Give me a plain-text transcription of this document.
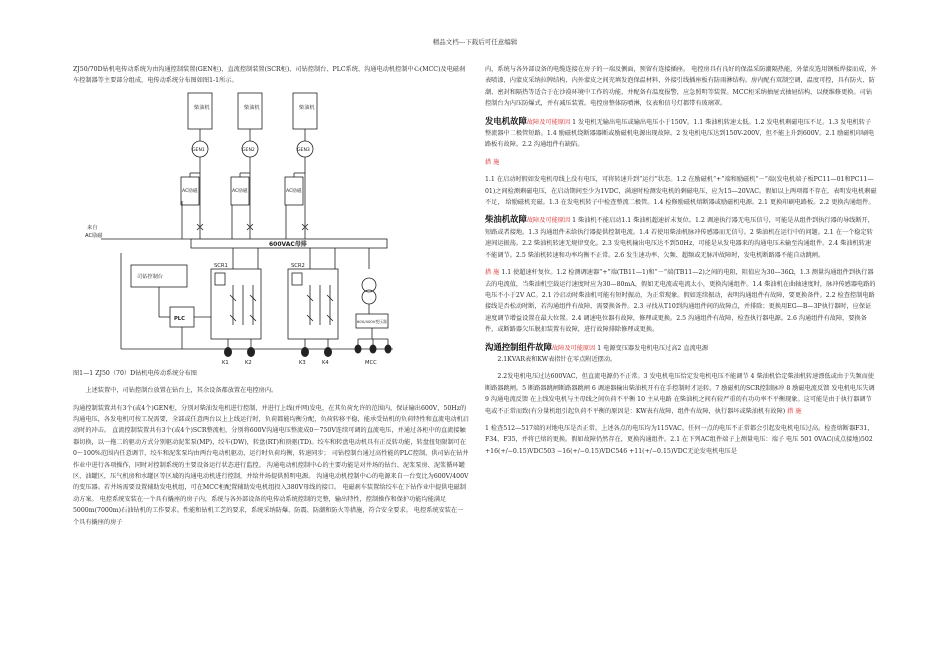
精品文档---下载后可任意编辑

ZJ50/70D钻机电传动系统为由沟通控制装置(GEN柜)、直流控制装置(SCR柜)、司钻控制台、PLC系统、沟通电动机控制中心(MCC)及电磁刹车控制器等主要部分组成，电传动系统分布图如图1-1所示。

柴油机	柴油机	柴油机
GEN1	GEN2	GEN3
AC励磁	AC励磁	AC励磁
600VAC母排
SCR1	SCR2
来自
AC励磁
司钻控制台
PLC
K1	K2	K3	K4
600/400V变压器
MCC

图1—1 ZJ50（70）D钻机电传动系统分布图

上述装置中，司钻控制台放置在钻台上，其余设备都放置在电控房内。

沟通控制装置共有3个(或4个)GEN柜，分别对柴油发电机进行控制，并进行上线(并网)发电，在其负荷允许的范围内，保证输出600V，50Hz的沟通电压，各发电机可按工况需要，全部或任意两台以上上线运行时，负荷都能均衡分配，负荷转移平稳，能承受钻机的负荷特性和直流电动机启动时的冲击。 直流控制装置共有3个(或4个)SCR整流柜，分别将600V沟通电压整流成0～750V连续可调的直流电压，并通过各柜中的直流接触器切换，以一拖二的驱动方式分别驱动泥浆泵(MP)，绞车(DW)，转盘(RT)和顶驱(TD)。绞车和转盘电动机具有正反转功能，转盘扭矩限制可在0～100%范围内任意调节，绞车和泥浆泵均由两台电动机驱动，运行时负荷均衡，转速同步； 司钻控制台通过高性能的PLC控制，供司钻在钻井作业中进行各项操作，同时对控制系统的主要设备运行状态进行监控。 沟通电动机控制中心的主要功能是对井场的钻台、泥浆泵房、泥浆循环罐区，油罐区，压气机房和水罐区等区域的沟通电动机进行控制，并给井场提供照明电源。 沟通电动机控制中心的电源来自一台变比为600V/400V的变压器。若井场需要设置辅助发电机组，可在MCC柜配置辅助发电机组投入380V母线的接口。 电磁刹车装置给绞车在下钻作业中提供电磁制动方案。 电控系统安装在一个具有撬座的房子内，系统与各外部设备的电传动系统控制的完整，输出特性，控制操作和保护功能均能满足5000m(7000m)石油钻机的工作要求。性能和钻机工艺的要求，系统采纳防爆、防震、防潮和防火等措施，符合安全要求。 电控系统安装在一个具有撬座的房子

内，系统与各外部设备的电缆连接在房子的一端及侧面，预留有连接插座。 电控房具有良好的保温采防潮隔热能，外蒙皮选用钢板焊接而成，外表喷漆，内蒙皮采纳拉牌结构，内外蒙皮之间充填发泡保温材料，外接引线插座板有防雨淋结构。房内配有双制空调，温度可控，具有防火、防潮、密封和隔热等适合于在沙漠环境中工作的功能，并配备有温度报警，应急照明等装置。MCC柜采纳抽屉式抽屉结构，以便维修更换。司钻控制台为内压防爆式，并有减压装置。电控房整体防噴淋，仪表和信号灯都带有玻璃罩。

发电机故障故障及可能原因 1 发电机无输出电压或输出电压小于150V。1.1 柴油机转速太低。1.2 发电机剩磁电压不足。1.3 发电机转子整流器中二极管短路。1.4 励磁机绕断器器断或励磁机电源出现故障。2 发电机电压达到150V-200V，但不能上升到600V。2.1 励磁机印刷电路板有故障。2.2 沟通组件有缺陷。

措 施

1.1 在启动时假如发电机母线上没有电压，可将转速升到“运行”状态。1.2 在励磁机“+”端和励磁机“－”端(发电机端子板PC11—01和PC11—01)之间检测剩磁电压，在启动期间至少为1VDC，满速时检测发电机的剩磁电压，应为15—20VAC。假如以上两项都不存在，表明发电机剩磁不足， 给励磁机充磁。1.3 在发电机转子中检查整流二极管。1.4 检修励磁机熔断器或励磁机电源。2.1 更换印刷电路板。2.2 更换沟通组件。

柴油机故障故障及可能原因 1 柴油机不能启动1.1 柴油机超速折未复位。1.2 调速执行器无电压信号，可能是从组件到执行器的导线断开，短路或者接地。1.3 沟通组件未给执行器提供控制电流。1.4 若使用柴油机脉冲传感器而无信号。2 柴油机在运行中的问题。2.1 在一个稳定转速间运振荡。2.2 柴油机转速无规律变化。2.3 发电机输出电压达不到50Hz，可能是从发电器来的沟通电压未输至沟通组件。2.4 柴油机转速不能调节。2.5 柴油机转速和功率均衡不正常。2.6 发生速功率、欠频、超频或无脉冲故障时，发电机断路器不能自动跳闸。

措 施 1.1 使超速杆复位。1.2 检测调速器“+”端(TB11—1)和“－”端(TB11—2)之间的电阻，阻值应为30—36Ω，1.3 测量沟通组件到执行器去的电流值，当柴油机空载运行速度时应为30—80mA，假如无电流或电流太小，更换沟通组件。1.4 柴油机在曲轴速度时，脉冲传感器电路的电压不小于2V AC。2.1 冷启动时柴油机可能有短时振动，为正常现象。假如连续振动，表明沟通组件有故障，要更换备件。2.2 检查控制电路接线是否松动时断，若沟通组件有故障，需要换备件。2.3 寻找从T10到沟通组件间的故障点，并排除；更换用EG—B—3P执行器时，应保证速度调节增益设置在最大位置。2.4 调速电位器有故障，修理或更换。2.5 沟通组件有故障，检查执行器电源。2.6 沟通组件有故障，要换备件，或断路器欠压脱扣装置有故障，进行故障排除修理或更换。

沟通控制组件故障故障及可能原因 1 电源变压器发电机电压过高2 直流电源

2.1KVAR表和KW表指针在零点附近摆动。

2.2发电机电压过达600VAC，但直流电源仍不正常。3 发电机电压恰定发电机电压不能调节 4 柴油机恰定柴油机转速漂低或由于失频而使断路器跳闸。5 断路器跳闸断路器跳闸 6 调速器输出柴油机开有在手控制时才运转。7 励磁机的SCR控制脉冲 8 励磁电流反馈 发电机电压失调 9 沟通电流反馈 在上线发电机与主母线之间负荷不平衡 10 主从电路 在柴油机之间有较严重的有功功率不平衡现象。这可能是由于执行器调节电或不正常而致(有分量机组引起负荷不平衡的原因是：KW表有故障，组件有故障，执行器坏或柴油机有故障) 措 施

1 检查512—517端的对地电压是否正常。上述各点的电压均为115VAC。任何一点的电压不正常都会引起发电机电压过高。检查熔断器F31，F34，F35，并将已熔的更换。假如故障仍然存在，更换沟通组件。2.1 在下列AC组件端子上测量电压：端子 电压 501 0VAC(成点接地)502 +16(+/−0.15)VDC503 −16(+/−0.15)VDC546 +11(+/−0.15)VDC无论发电机电压是
